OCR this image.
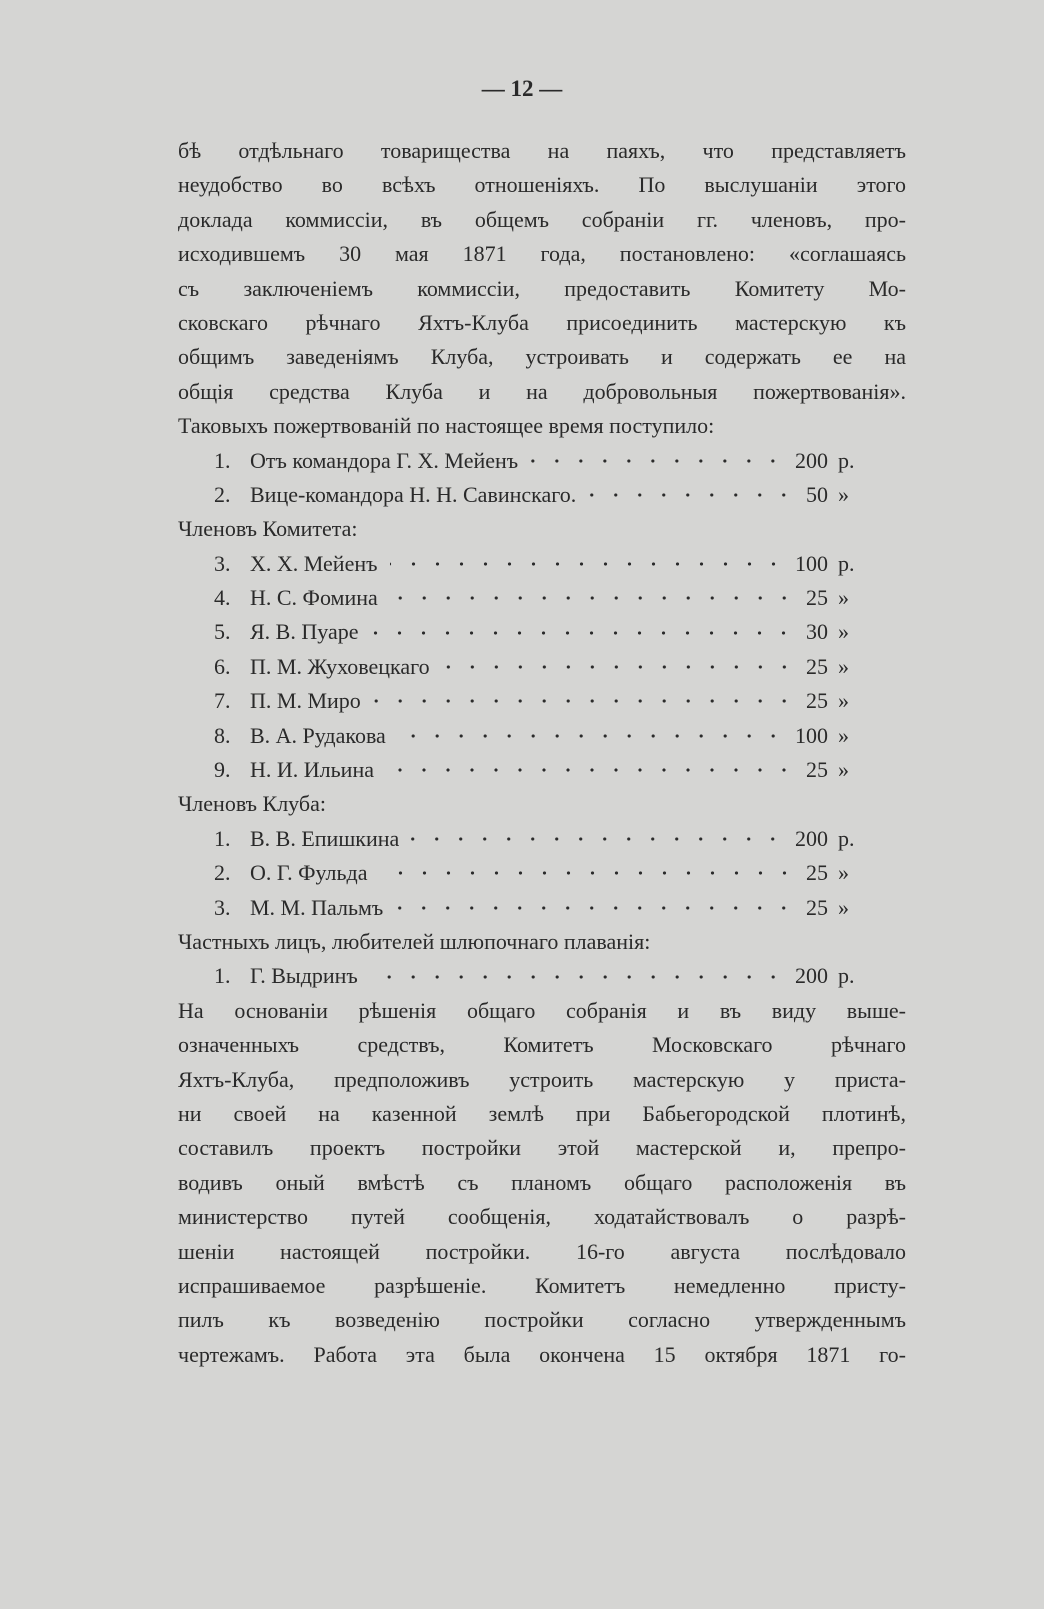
— 12 —
бѣ отдѣльнаго товарищества на паяхъ, что представляетъ
неудобство во всѣхъ отношеніяхъ. По выслушаніи этого
доклада коммиссіи, въ общемъ собраніи гг. членовъ, про-
исходившемъ 30 мая 1871 года, постановлено: «соглашаясь
съ заключеніемъ коммиссіи, предоставить Комитету Мо-
сковскаго рѣчнаго Яхтъ-Клуба присоединить мастерскую къ
общимъ заведеніямъ Клуба, устроивать и содержать ее на
общія средства Клуба и на добровольныя пожертвованія».
Таковыхъ пожертвованій по настоящее время поступило:
1. Отъ командора Г. Х. Мейенъ	200 р.
2. Вице-командора Н. Н. Савинскаго.	50 »
Членовъ Комитета:
3. Х. Х. Мейенъ	100 р.
4. Н. С. Фомина	25 »
5. Я. В. Пуаре	30 »
6. П. М. Жуховецкаго	25 »
7. П. М. Миро	25 »
8. В. А. Рудакова	100 »
9. Н. И. Ильина	25 »
Членовъ Клуба:
1. В. В. Епишкина	200 р.
2. О. Г. Фульда	25 »
3. М. М. Пальмъ	25 »
Частныхъ лицъ, любителей шлюпочнаго плаванія:
1. Г. Выдринъ	200 р.
На основаніи рѣшенія общаго собранія и въ виду выше-
означенныхъ средствъ, Комитетъ Московскаго рѣчнаго
Яхтъ-Клуба, предположивъ устроить мастерскую у приста-
ни своей на казенной землѣ при Бабьегородской плотинѣ,
составилъ проектъ постройки этой мастерской и, препро-
водивъ оный вмѣстѣ съ планомъ общаго расположенія въ
министерство путей сообщенія, ходатайствовалъ о разрѣ-
шеніи настоящей постройки. 16-го августа послѣдовало
испрашиваемое разрѣшеніе. Комитетъ немедленно присту-
пилъ къ возведенію постройки согласно утвержденнымъ
чертежамъ. Работа эта была окончена 15 октября 1871 го-
